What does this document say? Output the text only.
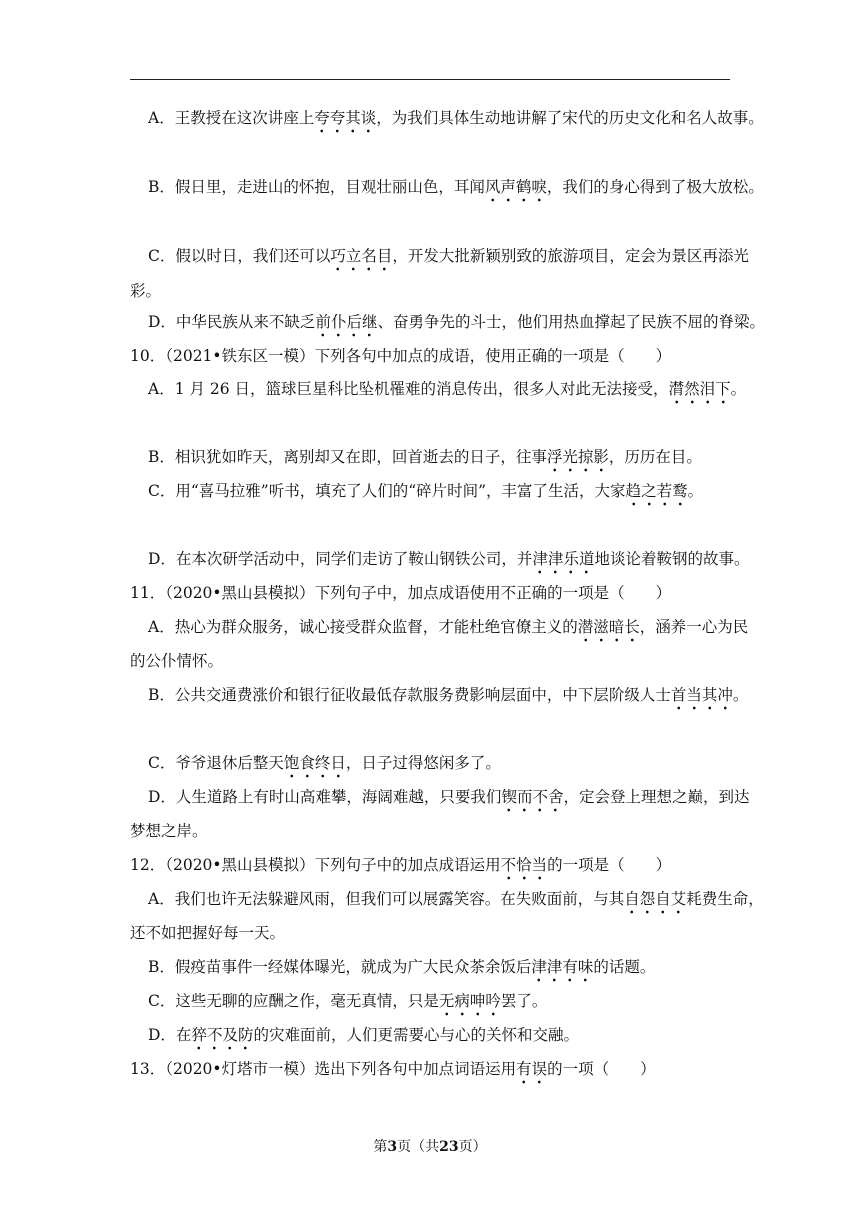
A．王教授在这次讲座上夸夸其谈，为我们具体生动地讲解了宋代的历史文化和名人故事。
B．假日里，走进山的怀抱，目观壮丽山色，耳闻风声鹤唳，我们的身心得到了极大放松。
C．假以时日，我们还可以巧立名目，开发大批新颖别致的旅游项目，定会为景区再添光
彩。
D．中华民族从来不缺乏前仆后继、奋勇争先的斗士，他们用热血撑起了民族不屈的脊梁。
10．（2021•铁东区一模）下列各句中加点的成语，使用正确的一项是（　　）
A．1 月 26 日，篮球巨星科比坠机罹难的消息传出，很多人对此无法接受，潸然泪下。
B．相识犹如昨天，离别却又在即，回首逝去的日子，往事浮光掠影，历历在目。
C．用“喜马拉雅”听书，填充了人们的“碎片时间”，丰富了生活，大家趋之若鹜。
D．在本次研学活动中，同学们走访了鞍山钢铁公司，并津津乐道地谈论着鞍钢的故事。
11．（2020•黑山县模拟）下列句子中，加点成语使用不正确的一项是（　　）
A．热心为群众服务，诚心接受群众监督，才能杜绝官僚主义的潜滋暗长，涵养一心为民
的公仆情怀。
B．公共交通费涨价和银行征收最低存款服务费影响层面中，中下层阶级人士首当其冲。
C．爷爷退休后整天饱食终日，日子过得悠闲多了。
D．人生道路上有时山高难攀，海阔难越，只要我们锲而不舍，定会登上理想之巅，到达
梦想之岸。
12．（2020•黑山县模拟）下列句子中的加点成语运用不恰当的一项是（　　）
A．我们也许无法躲避风雨，但我们可以展露笑容。在失败面前，与其自怨自艾耗费生命，
还不如把握好每一天。
B．假疫苗事件一经媒体曝光，就成为广大民众茶余饭后津津有味的话题。
C．这些无聊的应酬之作，毫无真情，只是无病呻吟罢了。
D．在猝不及防的灾难面前，人们更需要心与心的关怀和交融。
13．（2020•灯塔市一模）选出下列各句中加点词语运用有误的一项（　　）
第3页（共23页）
